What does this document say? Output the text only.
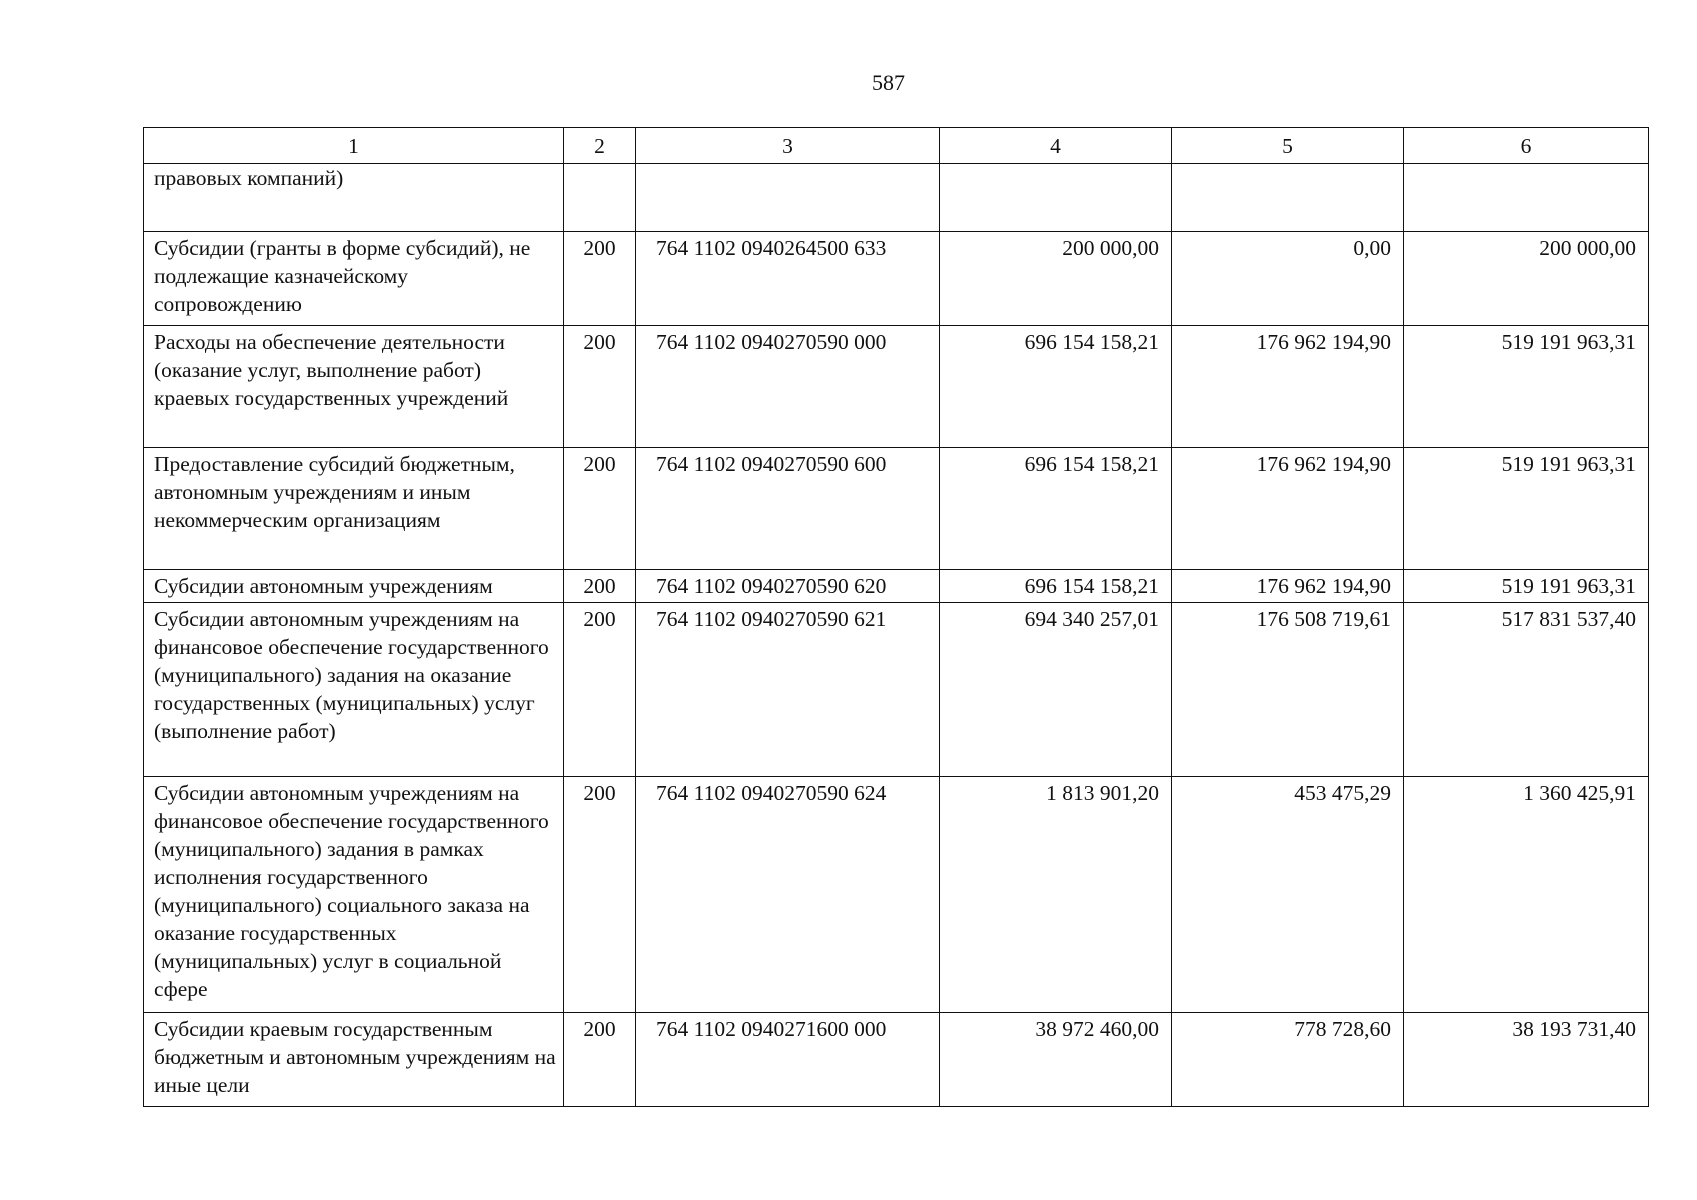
587
1	2	3	4	5	6
правовых компаний)					
Субсидии (гранты в форме субсидий), не подлежащие казначейскому сопровождению	200	764 1102 0940264500 633	200 000,00	0,00	200 000,00
Расходы на обеспечение деятельности (оказание услуг, выполнение работ) краевых государственных учреждений	200	764 1102 0940270590 000	696 154 158,21	176 962 194,90	519 191 963,31
Предоставление субсидий бюджетным, автономным учреждениям и иным некоммерческим организациям	200	764 1102 0940270590 600	696 154 158,21	176 962 194,90	519 191 963,31
Субсидии автономным учреждениям	200	764 1102 0940270590 620	696 154 158,21	176 962 194,90	519 191 963,31
Субсидии автономным учреждениям на финансовое обеспечение государственного (муниципального) задания на оказание государственных (муниципальных) услуг (выполнение работ)	200	764 1102 0940270590 621	694 340 257,01	176 508 719,61	517 831 537,40
Субсидии автономным учреждениям на финансовое обеспечение государственного (муниципального) задания в рамках исполнения государственного (муниципального) социального заказа на оказание государственных (муниципальных) услуг в социальной сфере	200	764 1102 0940270590 624	1 813 901,20	453 475,29	1 360 425,91
Субсидии краевым государственным бюджетным и автономным учреждениям на иные цели	200	764 1102 0940271600 000	38 972 460,00	778 728,60	38 193 731,40
